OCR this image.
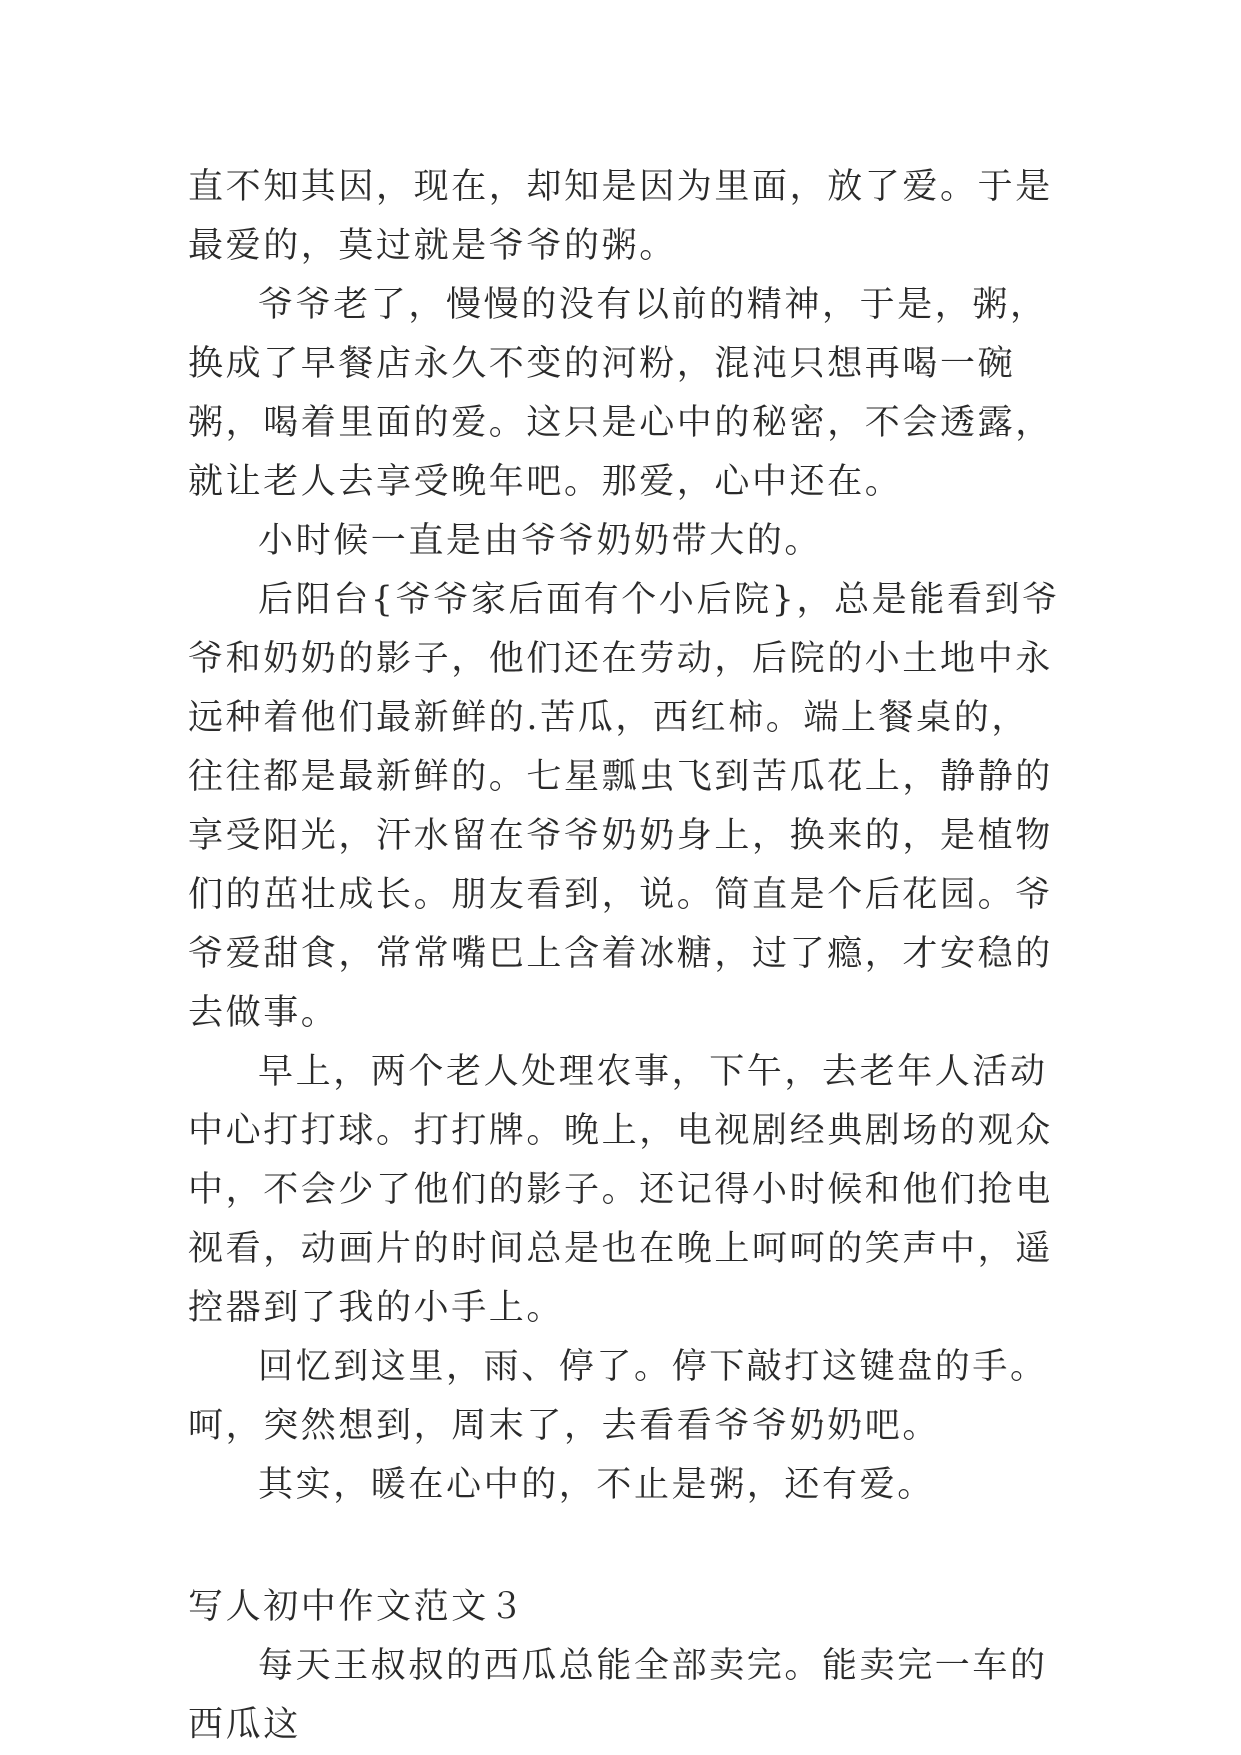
直不知其因，现在，却知是因为里面，放了爱。于是最爱的，莫过就是爷爷的粥。

爷爷老了，慢慢的没有以前的精神，于是，粥，换成了早餐店永久不变的河粉，混沌只想再喝一碗粥，喝着里面的爱。这只是心中的秘密，不会透露，就让老人去享受晚年吧。那爱，心中还在。

小时候一直是由爷爷奶奶带大的。

后阳台{爷爷家后面有个小后院}，总是能看到爷爷和奶奶的影子，他们还在劳动，后院的小土地中永远种着他们最新鲜的.苦瓜，西红柿。端上餐桌的，往往都是最新鲜的。七星瓢虫飞到苦瓜花上，静静的享受阳光，汗水留在爷爷奶奶身上，换来的，是植物们的茁壮成长。朋友看到，说。简直是个后花园。爷爷爱甜食，常常嘴巴上含着冰糖，过了瘾，才安稳的去做事。

早上，两个老人处理农事，下午，去老年人活动中心打打球。打打牌。晚上，电视剧经典剧场的观众中，不会少了他们的影子。还记得小时候和他们抢电视看，动画片的时间总是也在晚上呵呵的笑声中，遥控器到了我的小手上。

回忆到这里，雨、停了。停下敲打这键盘的手。呵，突然想到，周末了，去看看爷爷奶奶吧。

其实，暖在心中的，不止是粥，还有爱。

写人初中作文范文３

每天王叔叔的西瓜总能全部卖完。能卖完一车的西瓜这
